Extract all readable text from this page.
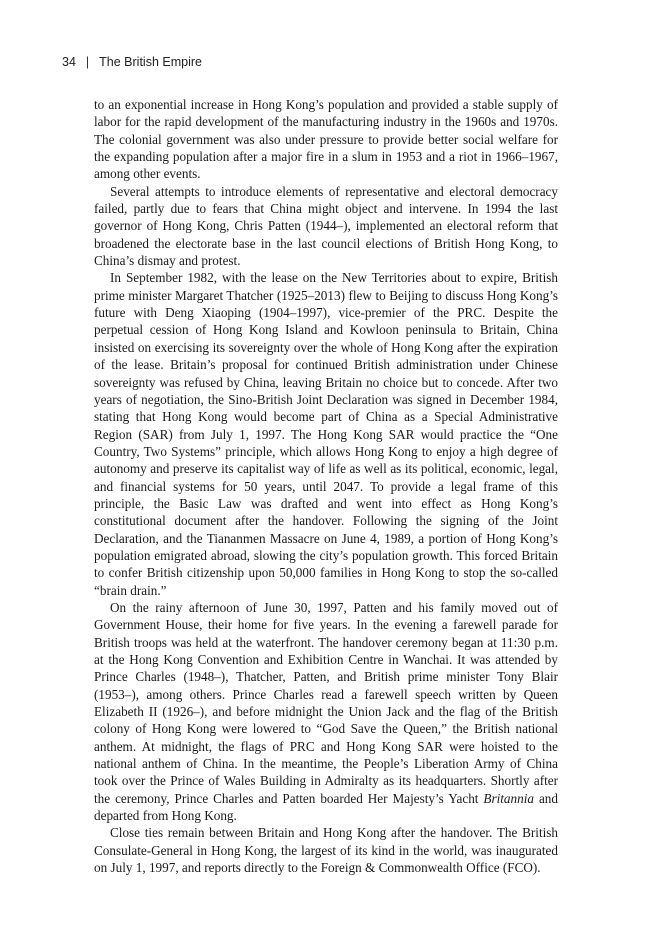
34 | The British Empire

to an exponential increase in Hong Kong’s population and provided a stable supply of labor for the rapid development of the manufacturing industry in the 1960s and 1970s. The colonial government was also under pressure to provide better social welfare for the expanding population after a major fire in a slum in 1953 and a riot in 1966–1967, among other events.

Several attempts to introduce elements of representative and electoral democracy failed, partly due to fears that China might object and intervene. In 1994 the last governor of Hong Kong, Chris Patten (1944–), implemented an electoral reform that broadened the electorate base in the last council elections of British Hong Kong, to China’s dismay and protest.

In September 1982, with the lease on the New Territories about to expire, British prime minister Margaret Thatcher (1925–2013) flew to Beijing to discuss Hong Kong’s future with Deng Xiaoping (1904–1997), vice-premier of the PRC. Despite the perpetual cession of Hong Kong Island and Kowloon peninsula to Britain, China insisted on exercising its sovereignty over the whole of Hong Kong after the expiration of the lease. Britain’s proposal for continued British administration under Chinese sovereignty was refused by China, leaving Britain no choice but to concede. After two years of negotiation, the Sino-British Joint Declaration was signed in December 1984, stating that Hong Kong would become part of China as a Special Administrative Region (SAR) from July 1, 1997. The Hong Kong SAR would practice the “One Country, Two Systems” principle, which allows Hong Kong to enjoy a high degree of autonomy and preserve its capitalist way of life as well as its political, economic, legal, and financial systems for 50 years, until 2047. To provide a legal frame of this principle, the Basic Law was drafted and went into effect as Hong Kong’s constitutional document after the handover. Following the signing of the Joint Declaration, and the Tiananmen Massacre on June 4, 1989, a portion of Hong Kong’s population emigrated abroad, slowing the city’s population growth. This forced Britain to confer British citizenship upon 50,000 families in Hong Kong to stop the so-called “brain drain.”

On the rainy afternoon of June 30, 1997, Patten and his family moved out of Government House, their home for five years. In the evening a farewell parade for British troops was held at the waterfront. The handover ceremony began at 11:30 p.m. at the Hong Kong Convention and Exhibition Centre in Wanchai. It was attended by Prince Charles (1948–), Thatcher, Patten, and British prime minister Tony Blair (1953–), among others. Prince Charles read a farewell speech written by Queen Elizabeth II (1926–), and before midnight the Union Jack and the flag of the British colony of Hong Kong were lowered to “God Save the Queen,” the British national anthem. At midnight, the flags of PRC and Hong Kong SAR were hoisted to the national anthem of China. In the meantime, the People’s Liberation Army of China took over the Prince of Wales Building in Admiralty as its headquarters. Shortly after the ceremony, Prince Charles and Patten boarded Her Majesty’s Yacht Britannia and departed from Hong Kong.

Close ties remain between Britain and Hong Kong after the handover. The British Consulate-General in Hong Kong, the largest of its kind in the world, was inaugurated on July 1, 1997, and reports directly to the Foreign & Commonwealth Office (FCO).
